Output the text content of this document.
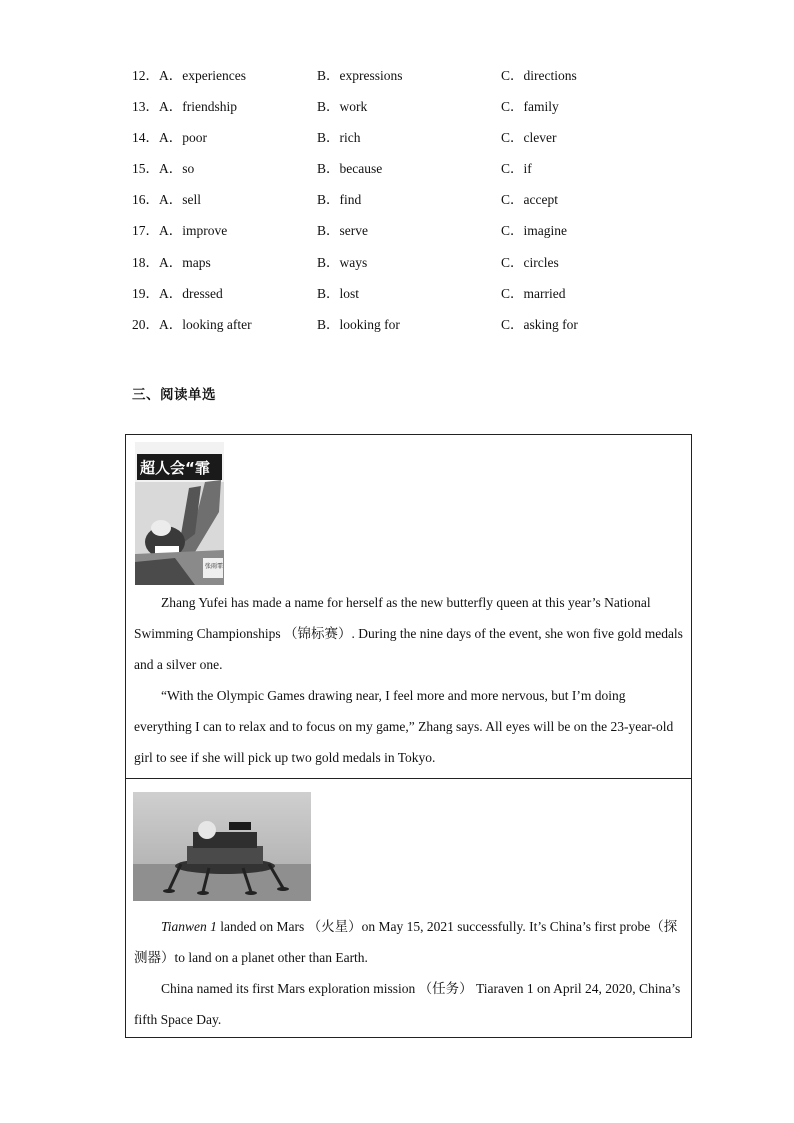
12．A．experiences	B．expressions	C．directions
13．A．friendship	B．work	C．family
14．A．poor	B．rich	C．clever
15．A．so	B．because	C．if
16．A．sell	B．find	C．accept
17．A．improve	B．serve	C．imagine
18．A．maps	B．ways	C．circles
19．A．dressed	B．lost	C．married
20．A．looking after	B．looking for	C．asking for
三、阅读单选
超人会“霏
张雨霏

Zhang Yufei has made a name for herself as the new butterfly queen at this year’s National Swimming Championships （锦标赛）. During the nine days of the event, she won five gold medals and a silver one.

“With the Olympic Games drawing near, I feel more and more nervous, but I’m doing everything I can to relax and to focus on my game,” Zhang says. All eyes will be on the 23-year-old girl to see if she will pick up two gold medals in Tokyo.

Tianwen 1 landed on Mars （火星）on May 15, 2021 successfully. It’s China’s first probe（探测器）to land on a planet other than Earth.

China named its first Mars exploration mission （任务） Tiaraven 1 on April 24, 2020, China’s fifth Space Day.
